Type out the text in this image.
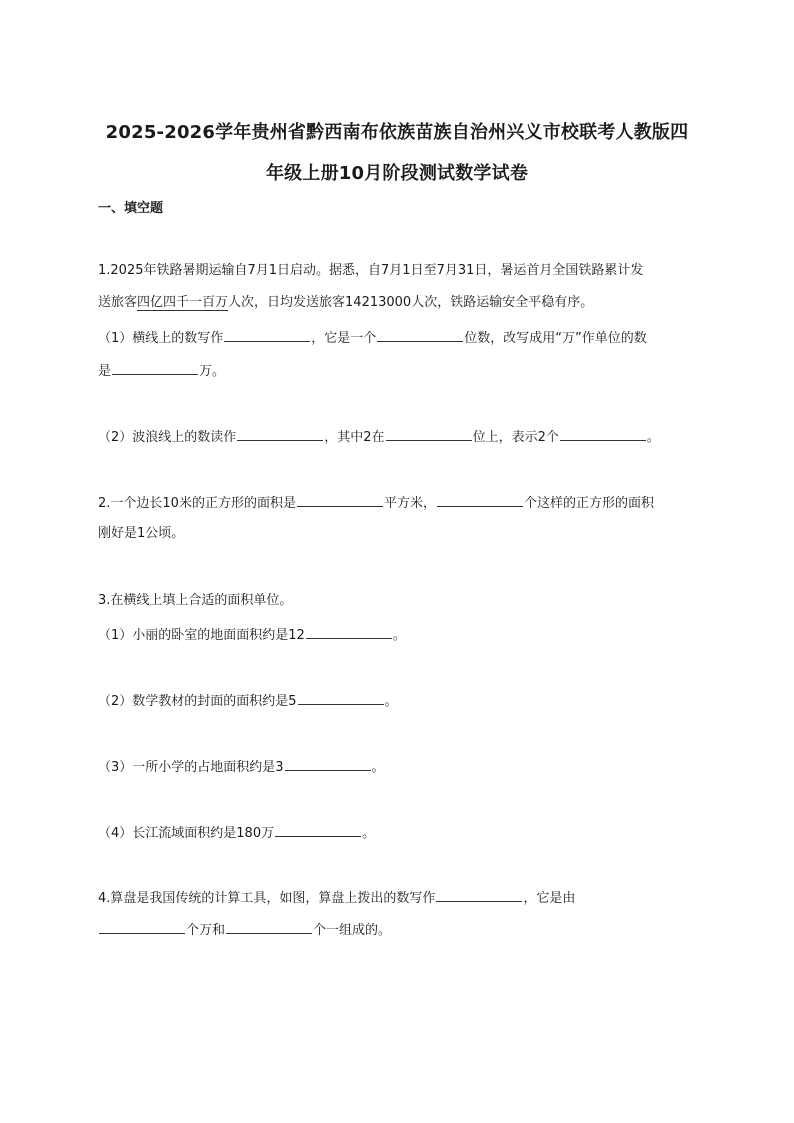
2025-2026学年贵州省黔西南布依族苗族自治州兴义市校联考人教版四
年级上册10月阶段测试数学试卷
一、填空题
1.2025年铁路暑期运输自7月1日启动。据悉，自7月1日至7月31日，暑运首月全国铁路累计发
送旅客四亿四千一百万人次，日均发送旅客14213000人次，铁路运输安全平稳有序。
（1）横线上的数写作	，它是一个	位数，改写成用“万”作单位的数
是	万。
（2）波浪线上的数读作	，其中2在	位上，表示2个	。
2.一个边长10米的正方形的面积是	平方米，	个这样的正方形的面积
刚好是1公顷。
3.在横线上填上合适的面积单位。
（1）小丽的卧室的地面面积约是12	。
（2）数学教材的封面的面积约是5	。
（3）一所小学的占地面积约是3	。
（4）长江流域面积约是180万	。
4.算盘是我国传统的计算工具，如图，算盘上拨出的数写作	，它是由
个万和	个一组成的。
